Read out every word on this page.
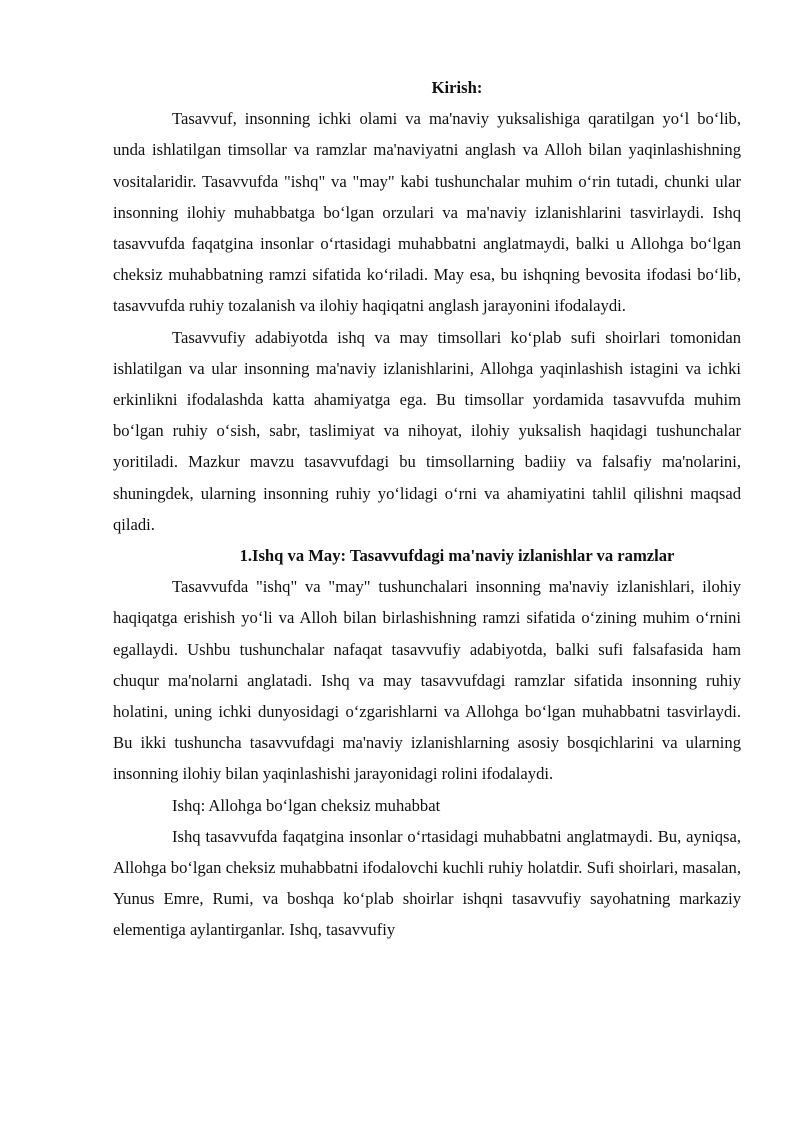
Kirish:

Tasavvuf, insonning ichki olami va ma'naviy yuksalishiga qaratilgan yo‘l bo‘lib, unda ishlatilgan timsollar va ramzlar ma'naviyatni anglash va Alloh bilan yaqinlashishning vositalaridir. Tasavvufda "ishq" va "may" kabi tushunchalar muhim o‘rin tutadi, chunki ular insonning ilohiy muhabbatga bo‘lgan orzulari va ma'naviy izlanishlarini tasvirlaydi. Ishq tasavvufda faqatgina insonlar o‘rtasidagi muhabbatni anglatmaydi, balki u Allohga bo‘lgan cheksiz muhabbatning ramzi sifatida ko‘riladi. May esa, bu ishqning bevosita ifodasi bo‘lib, tasavvufda ruhiy tozalanish va ilohiy haqiqatni anglash jarayonini ifodalaydi.

Tasavvufiy adabiyotda ishq va may timsollari ko‘plab sufi shoirlari tomonidan ishlatilgan va ular insonning ma'naviy izlanishlarini, Allohga yaqinlashish istagini va ichki erkinlikni ifodalashda katta ahamiyatga ega. Bu timsollar yordamida tasavvufda muhim bo‘lgan ruhiy o‘sish, sabr, taslimiyat va nihoyat, ilohiy yuksalish haqidagi tushunchalar yoritiladi. Mazkur mavzu tasavvufdagi bu timsollarning badiiy va falsafiy ma'nolarini, shuningdek, ularning insonning ruhiy yo‘lidagi o‘rni va ahamiyatini tahlil qilishni maqsad qiladi.

1.Ishq va May: Tasavvufdagi ma'naviy izlanishlar va ramzlar

Tasavvufda "ishq" va "may" tushunchalari insonning ma'naviy izlanishlari, ilohiy haqiqatga erishish yo‘li va Alloh bilan birlashishning ramzi sifatida o‘zining muhim o‘rnini egallaydi. Ushbu tushunchalar nafaqat tasavvufiy adabiyotda, balki sufi falsafasida ham chuqur ma'nolarni anglatadi. Ishq va may tasavvufdagi ramzlar sifatida insonning ruhiy holatini, uning ichki dunyosidagi o‘zgarishlarni va Allohga bo‘lgan muhabbatni tasvirlaydi. Bu ikki tushuncha tasavvufdagi ma'naviy izlanishlarning asosiy bosqichlarini va ularning insonning ilohiy bilan yaqinlashishi jarayonidagi rolini ifodalaydi.

Ishq: Allohga bo‘lgan cheksiz muhabbat

Ishq tasavvufda faqatgina insonlar o‘rtasidagi muhabbatni anglatmaydi. Bu, ayniqsa, Allohga bo‘lgan cheksiz muhabbatni ifodalovchi kuchli ruhiy holatdir. Sufi shoirlari, masalan, Yunus Emre, Rumi, va boshqa ko‘plab shoirlar ishqni tasavvufiy sayohatning markaziy elementiga aylantirganlar. Ishq, tasavvufiy
